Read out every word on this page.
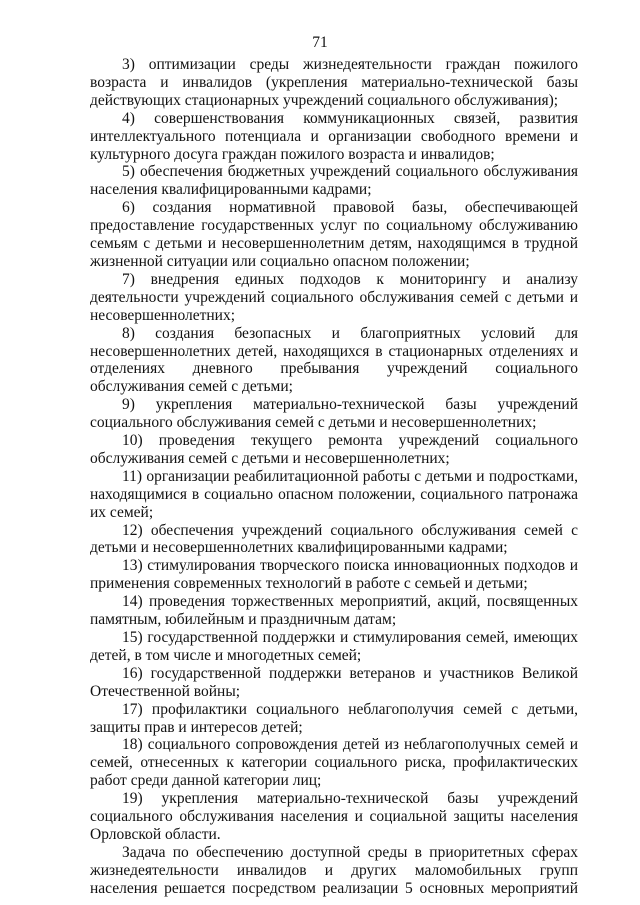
71

3) оптимизации среды жизнедеятельности граждан пожилого возраста и инвалидов (укрепления материально-технической базы действующих стационарных учреждений социального обслуживания);

4) совершенствования коммуникационных связей, развития интеллектуального потенциала и организации свободного времени и культурного досуга граждан пожилого возраста и инвалидов;

5) обеспечения бюджетных учреждений социального обслуживания населения квалифицированными кадрами;

6) создания нормативной правовой базы, обеспечивающей предоставление государственных услуг по социальному обслуживанию семьям с детьми и несовершеннолетним детям, находящимся в трудной жизненной ситуации или социально опасном положении;

7) внедрения единых подходов к мониторингу и анализу деятельности учреждений социального обслуживания семей с детьми и несовершеннолетних;

8) создания безопасных и благоприятных условий для несовершеннолетних детей, находящихся в стационарных отделениях и отделениях дневного пребывания учреждений социального обслуживания семей с детьми;

9) укрепления материально-технической базы учреждений социального обслуживания семей с детьми и несовершеннолетних;

10) проведения текущего ремонта учреждений социального обслуживания семей с детьми и несовершеннолетних;

11) организации реабилитационной работы с детьми и подростками, находящимися в социально опасном положении, социального патронажа их семей;

12) обеспечения учреждений социального обслуживания семей с детьми и несовершеннолетних квалифицированными кадрами;

13) стимулирования творческого поиска инновационных подходов и применения современных технологий в работе с семьей и детьми;

14) проведения торжественных мероприятий, акций, посвященных памятным, юбилейным и праздничным датам;

15) государственной поддержки и стимулирования семей, имеющих детей, в том числе и многодетных семей;

16) государственной поддержки ветеранов и участников Великой Отечественной войны;

17) профилактики социального неблагополучия семей с детьми, защиты прав и интересов детей;

18) социального сопровождения детей из неблагополучных семей и семей, отнесенных к категории социального риска, профилактических работ среди данной категории лиц;

19) укрепления материально-технической базы учреждений социального обслуживания населения и социальной защиты населения Орловской области.

Задача по обеспечению доступной среды в приоритетных сферах жизнедеятельности инвалидов и других маломобильных групп населения решается посредством реализации 5 основных мероприятий
